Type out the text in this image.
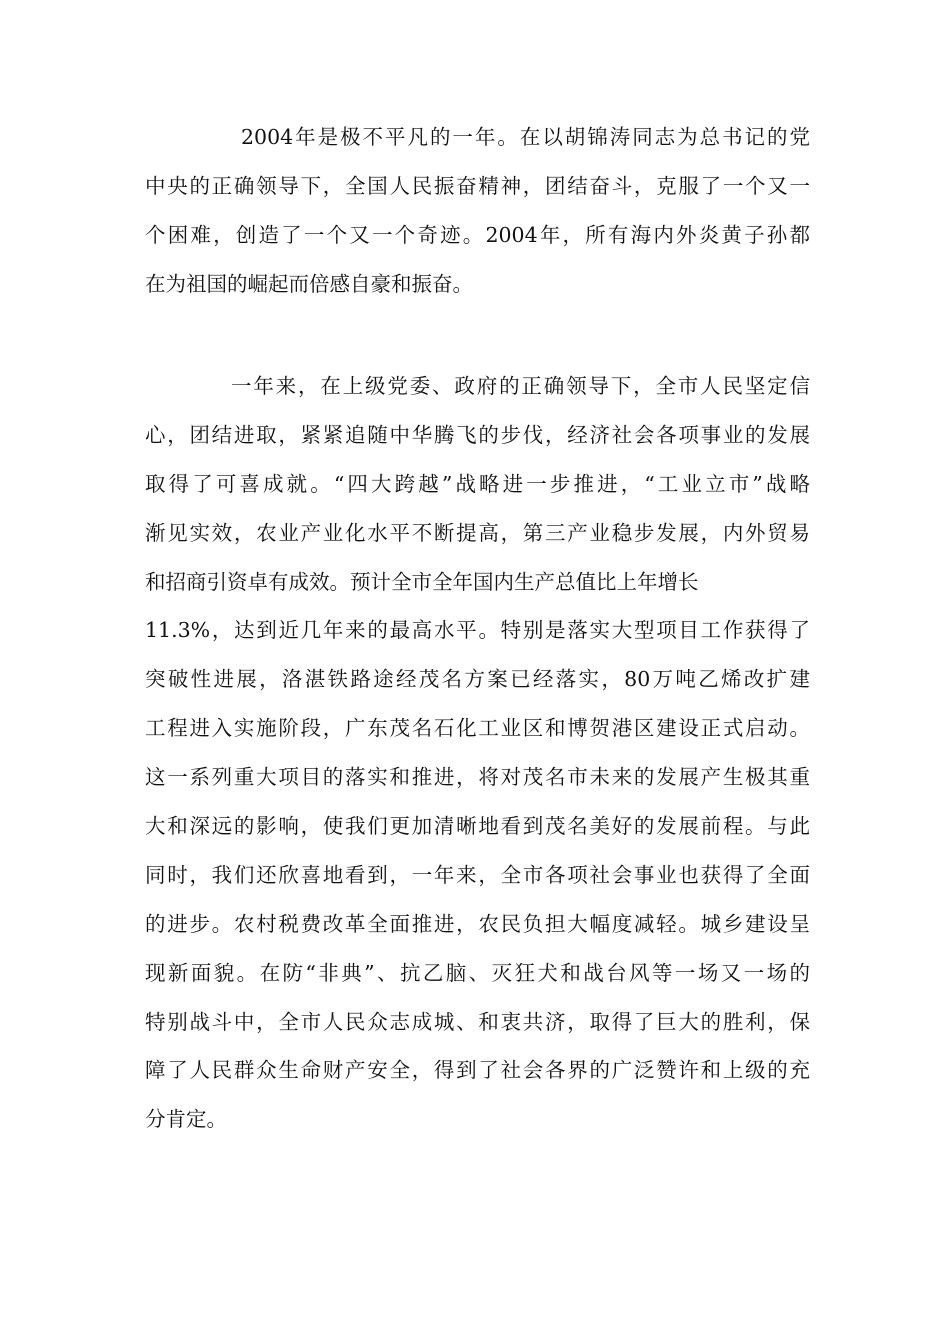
2004年是极不平凡的一年。在以胡锦涛同志为总书记的党
中央的正确领导下，全国人民振奋精神，团结奋斗，克服了一个又一
个困难，创造了一个又一个奇迹。2004年，所有海内外炎黄子孙都
在为祖国的崛起而倍感自豪和振奋。
一年来，在上级党委、政府的正确领导下，全市人民坚定信
心，团结进取，紧紧追随中华腾飞的步伐，经济社会各项事业的发展
取得了可喜成就。“四大跨越”战略进一步推进，“工业立市”战略
渐见实效，农业产业化水平不断提高，第三产业稳步发展，内外贸易
和招商引资卓有成效。预计全市全年国内生产总值比上年增长
11.3%，达到近几年来的最高水平。特别是落实大型项目工作获得了
突破性进展，洛湛铁路途经茂名方案已经落实，80万吨乙烯改扩建
工程进入实施阶段，广东茂名石化工业区和博贺港区建设正式启动。
这一系列重大项目的落实和推进，将对茂名市未来的发展产生极其重
大和深远的影响，使我们更加清晰地看到茂名美好的发展前程。与此
同时，我们还欣喜地看到，一年来，全市各项社会事业也获得了全面
的进步。农村税费改革全面推进，农民负担大幅度减轻。城乡建设呈
现新面貌。在防“非典”、抗乙脑、灭狂犬和战台风等一场又一场的
特别战斗中，全市人民众志成城、和衷共济，取得了巨大的胜利，保
障了人民群众生命财产安全，得到了社会各界的广泛赞许和上级的充
分肯定。
